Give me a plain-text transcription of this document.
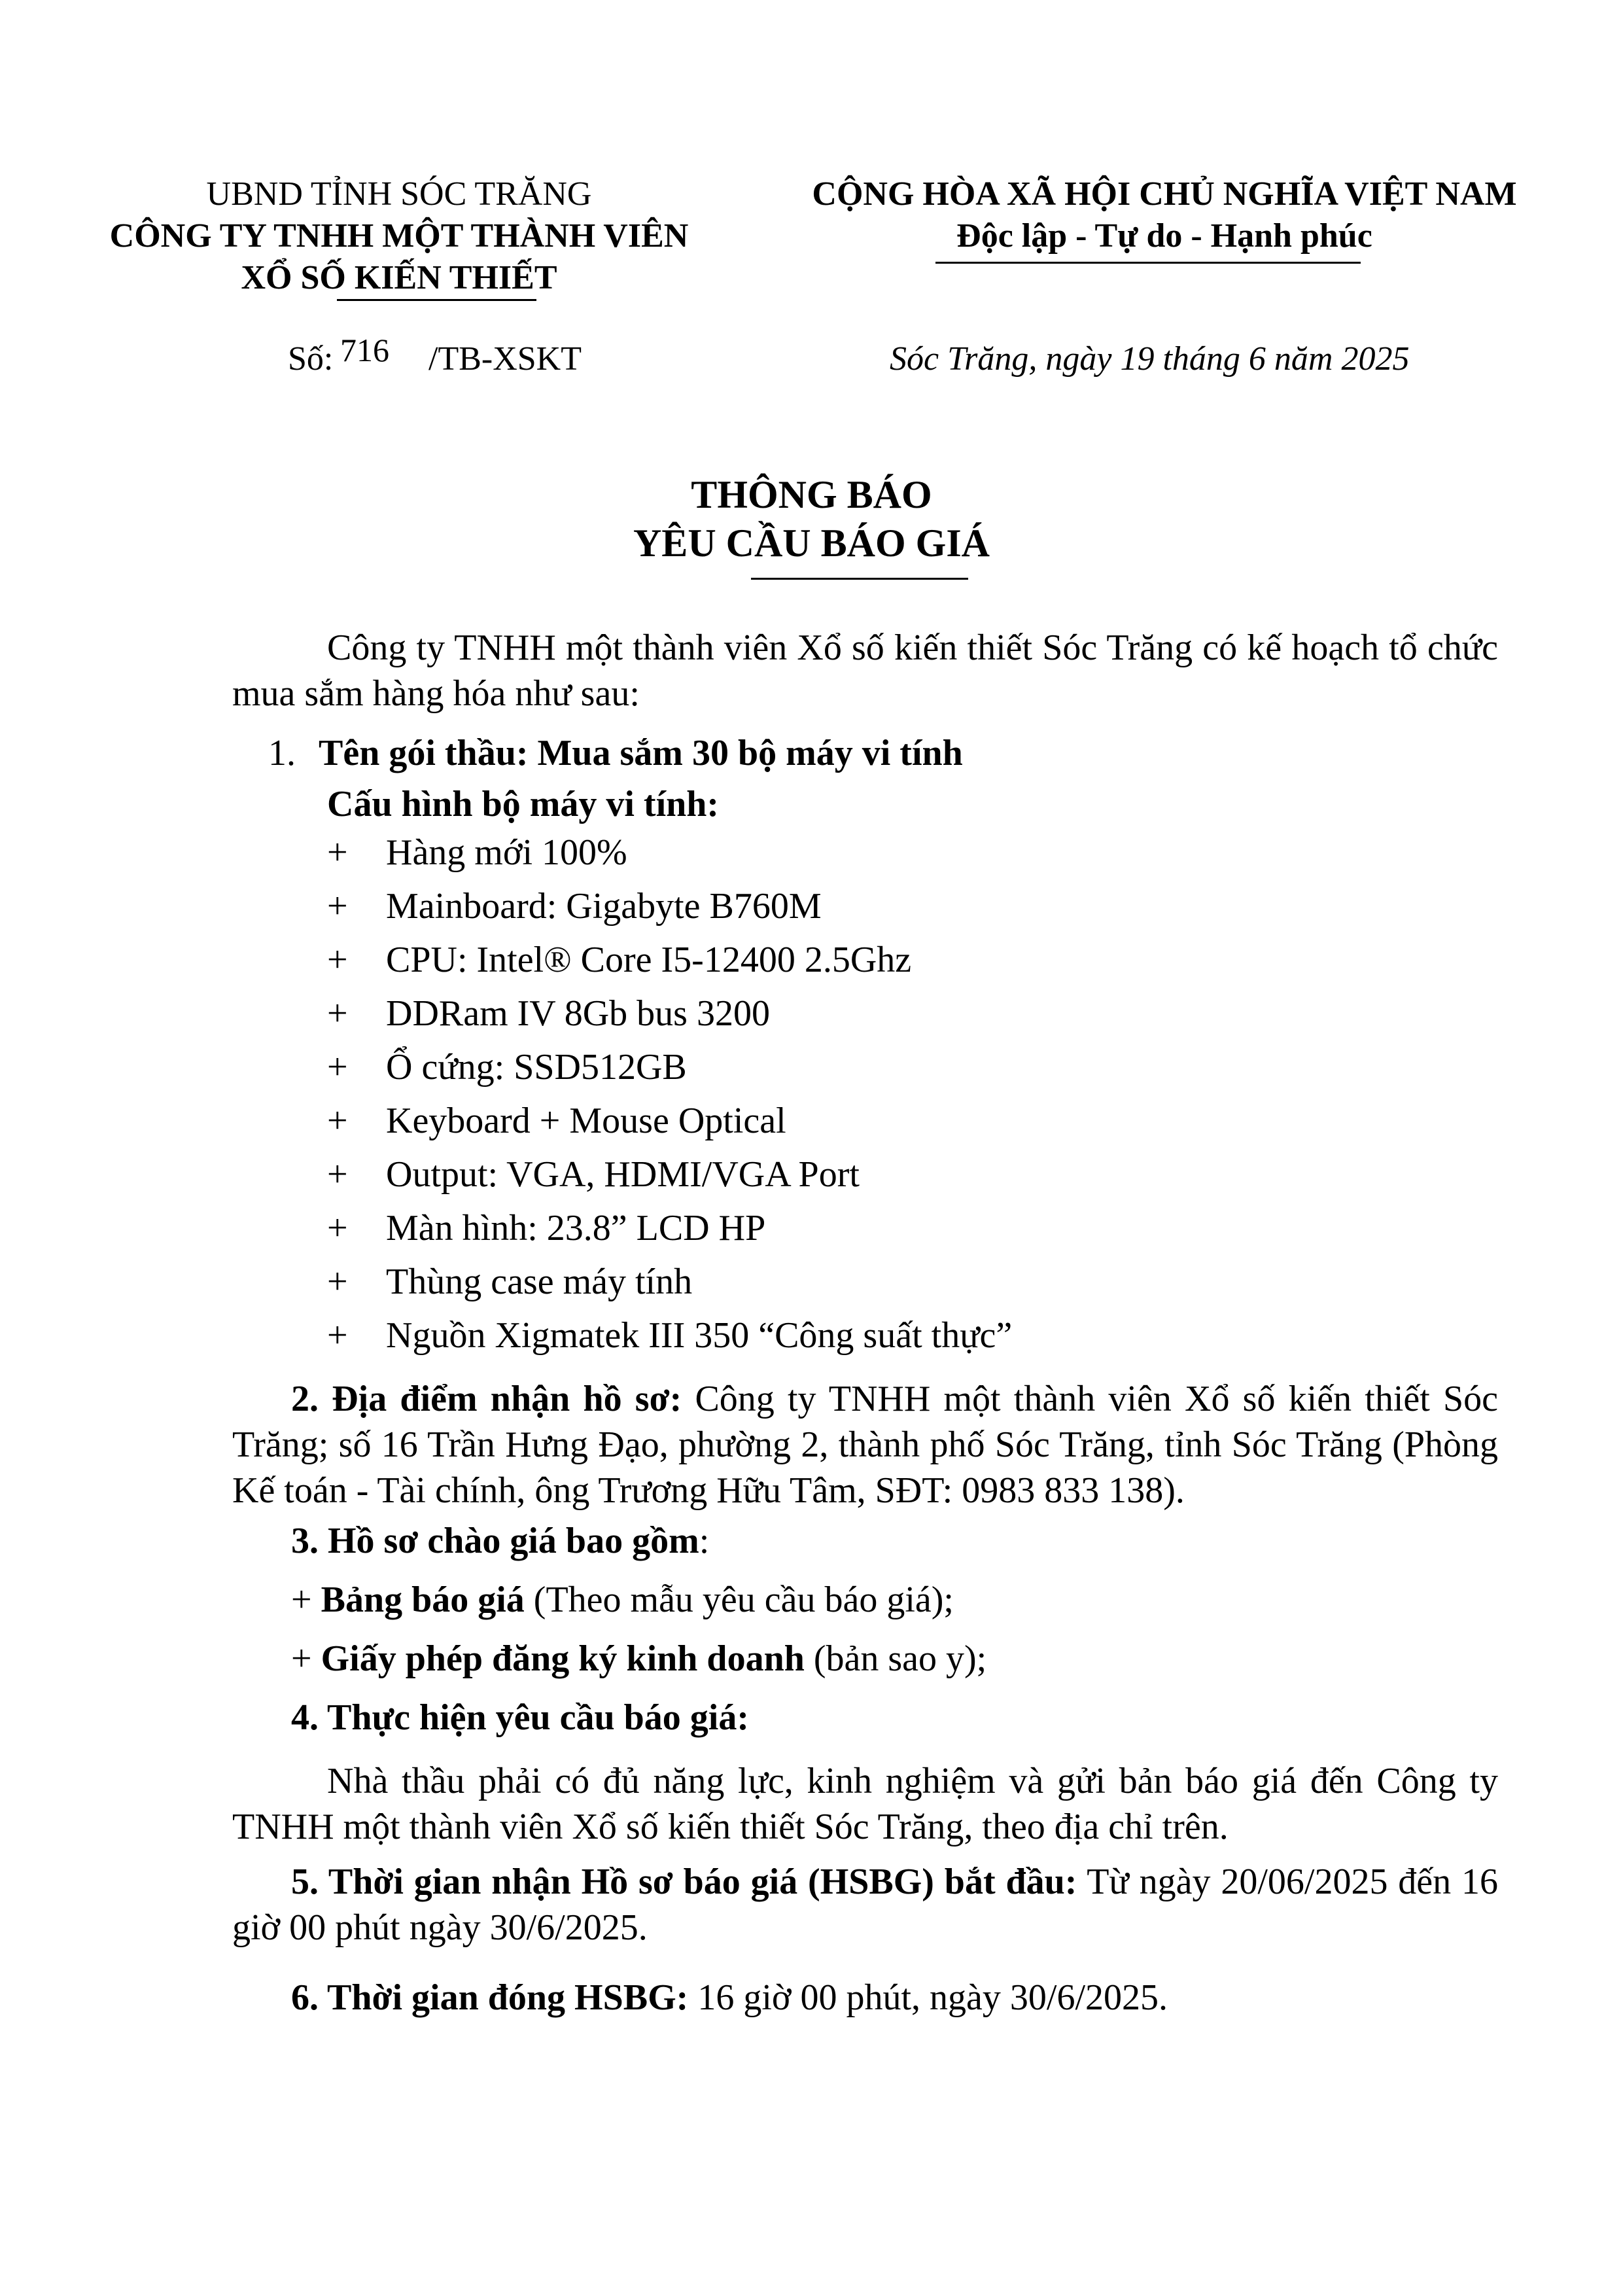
UBND TỈNH SÓC TRĂNG
CÔNG TY TNHH MỘT THÀNH VIÊN
XỔ SỐ KIẾN THIẾT
CỘNG HÒA XÃ HỘI CHỦ NGHĨA VIỆT NAM
Độc lập - Tự do - Hạnh phúc
Số: 716 /TB-XSKT	Sóc Trăng, ngày 19 tháng 6 năm 2025
THÔNG BÁO
YÊU CẦU BÁO GIÁ
Công ty TNHH một thành viên Xổ số kiến thiết Sóc Trăng có kế hoạch tổ chức mua sắm hàng hóa như sau:
1. Tên gói thầu: Mua sắm 30 bộ máy vi tính
Cấu hình bộ máy vi tính:
+ Hàng mới 100%
+ Mainboard: Gigabyte B760M
+ CPU: Intel® Core I5-12400 2.5Ghz
+ DDRam IV 8Gb bus 3200
+ Ổ cứng: SSD512GB
+ Keyboard + Mouse Optical
+ Output: VGA, HDMI/VGA Port
+ Màn hình: 23.8” LCD HP
+ Thùng case máy tính
+ Nguồn Xigmatek III 350 “Công suất thực”
2. Địa điểm nhận hồ sơ: Công ty TNHH một thành viên Xổ số kiến thiết Sóc Trăng; số 16 Trần Hưng Đạo, phường 2, thành phố Sóc Trăng, tỉnh Sóc Trăng (Phòng Kế toán - Tài chính, ông Trương Hữu Tâm, SĐT: 0983 833 138).
3. Hồ sơ chào giá bao gồm:
+ Bảng báo giá (Theo mẫu yêu cầu báo giá);
+ Giấy phép đăng ký kinh doanh (bản sao y);
4. Thực hiện yêu cầu báo giá:
Nhà thầu phải có đủ năng lực, kinh nghiệm và gửi bản báo giá đến Công ty TNHH một thành viên Xổ số kiến thiết Sóc Trăng, theo địa chỉ trên.
5. Thời gian nhận Hồ sơ báo giá (HSBG) bắt đầu: Từ ngày 20/06/2025 đến 16 giờ 00 phút ngày 30/6/2025.
6. Thời gian đóng HSBG: 16 giờ 00 phút, ngày 30/6/2025.
